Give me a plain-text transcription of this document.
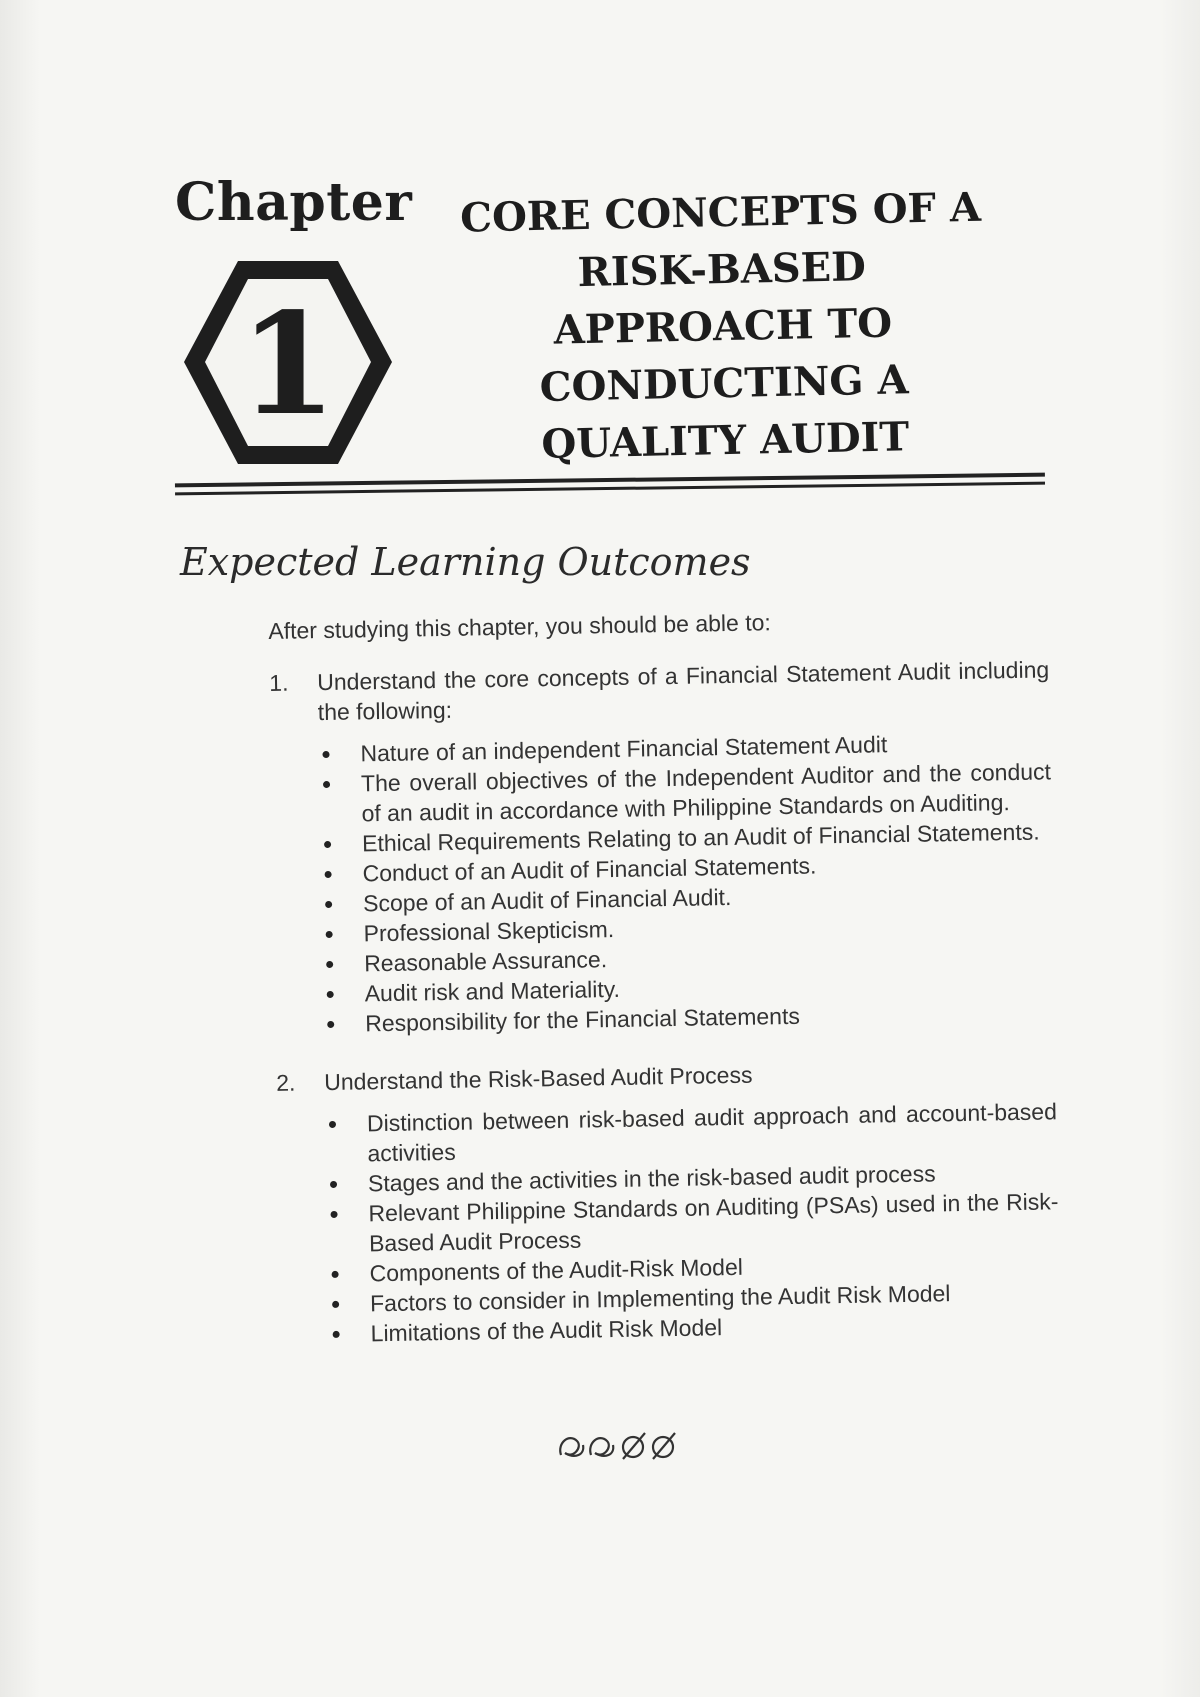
Chapter
1
CORE CONCEPTS OF A
RISK-BASED
APPROACH TO
CONDUCTING A
QUALITY AUDIT
Expected Learning Outcomes
After studying this chapter, you should be able to:
1. Understand the core concepts of a Financial Statement Audit including the following:
Nature of an independent Financial Statement Audit
The overall objectives of the Independent Auditor and the conduct of an audit in accordance with Philippine Standards on Auditing.
Ethical Requirements Relating to an Audit of Financial Statements.
Conduct of an Audit of Financial Statements.
Scope of an Audit of Financial Audit.
Professional Skepticism.
Reasonable Assurance.
Audit risk and Materiality.
Responsibility for the Financial Statements
2. Understand the Risk-Based Audit Process
Distinction between risk-based audit approach and account-based activities
Stages and the activities in the risk-based audit process
Relevant Philippine Standards on Auditing (PSAs) used in the Risk-Based Audit Process
Components of the Audit-Risk Model
Factors to consider in Implementing the Audit Risk Model
Limitations of the Audit Risk Model
